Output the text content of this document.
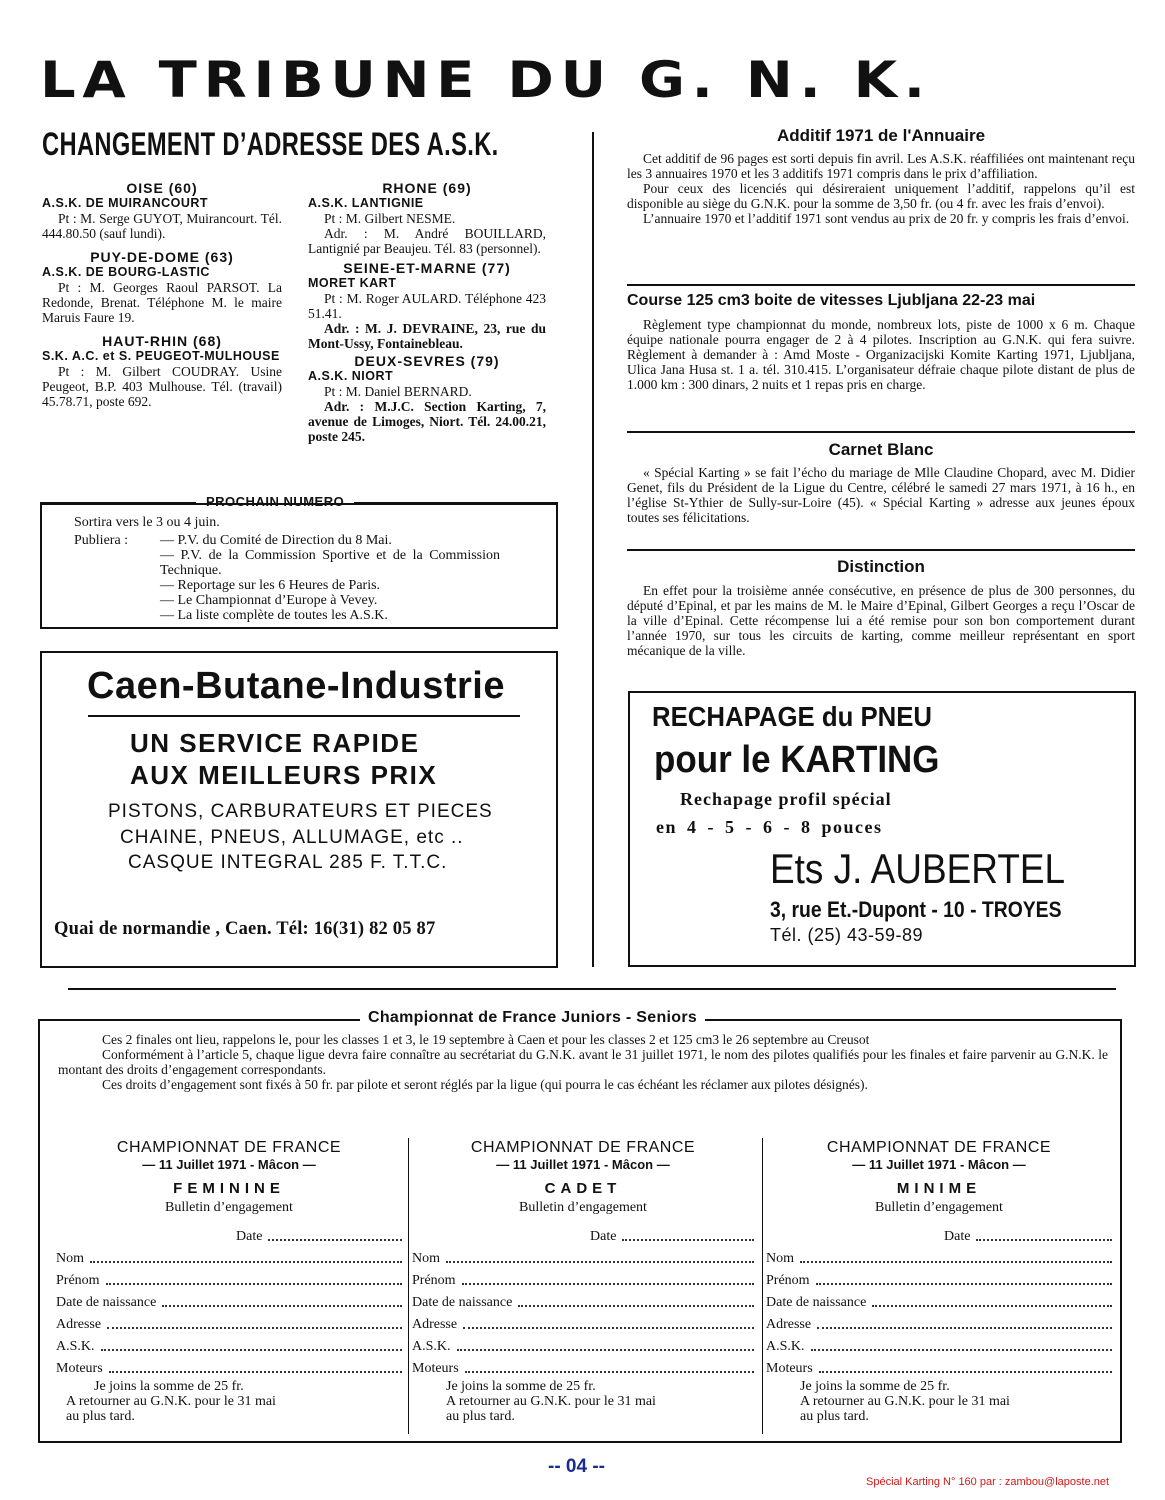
LA TRIBUNE DU G. N. K.
CHANGEMENT D’ADRESSE DES A.S.K.
OISE (60)
A.S.K. DE MUIRANCOURT
Pt : M. Serge GUYOT, Muirancourt. Tél. 444.80.50 (sauf lundi).
PUY-DE-DOME (63)
A.S.K. DE BOURG-LASTIC
Pt : M. Georges Raoul PARSOT. La Redonde, Brenat. Téléphone M. le maire Maruis Faure 19.
HAUT-RHIN (68)
S.K. A.C. et S. PEUGEOT-MULHOUSE
Pt : M. Gilbert COUDRAY. Usine Peugeot, B.P. 403 Mulhouse. Tél. (travail) 45.78.71, poste 692.
RHONE (69)
A.S.K. LANTIGNIE
Pt : M. Gilbert NESME.
Adr. : M. André BOUILLARD, Lantignié par Beaujeu. Tél. 83 (personnel).
SEINE-ET-MARNE (77)
MORET KART
Pt : M. Roger AULARD. Téléphone 423 51.41.
Adr. : M. J. DEVRAINE, 23, rue du Mont-Ussy, Fontainebleau.
DEUX-SEVRES (79)
A.S.K. NIORT
Pt : M. Daniel BERNARD.
Adr. : M.J.C. Section Karting, 7, avenue de Limoges, Niort. Tél. 24.00.21, poste 245.
PROCHAIN NUMERO
Sortira vers le 3 ou 4 juin.
Publiera : — P.V. du Comité de Direction du 8 Mai.
— P.V. de la Commission Sportive et de la Commission Technique.
— Reportage sur les 6 Heures de Paris.
— Le Championnat d’Europe à Vevey.
— La liste complète de toutes les A.S.K.
Caen-Butane-Industrie
UN SERVICE RAPIDE
AUX MEILLEURS PRIX
PISTONS, CARBURATEURS ET PIECES
CHAINE, PNEUS, ALLUMAGE, etc ..
CASQUE INTEGRAL 285 F. T.T.C.
Quai de normandie , Caen. Tél: 16(31) 82 05 87
Additif 1971 de l'Annuaire
Cet additif de 96 pages est sorti depuis fin avril. Les A.S.K. réaffiliées ont maintenant reçu les 3 annuaires 1970 et les 3 additifs 1971 compris dans le prix d’affiliation.
Pour ceux des licenciés qui désireraient uniquement l’additif, rappelons qu’il est disponible au siège du G.N.K. pour la somme de 3,50 fr. (ou 4 fr. avec les frais d’envoi).
L’annuaire 1970 et l’additif 1971 sont vendus au prix de 20 fr. y compris les frais d’envoi.
Course 125 cm3 boite de vitesses Ljubljana 22-23 mai
Règlement type championnat du monde, nombreux lots, piste de 1000 x 6 m. Chaque équipe nationale pourra engager de 2 à 4 pilotes. Inscription au G.N.K. qui fera suivre. Règlement à demander à : Amd Moste - Organizacijski Komite Karting 1971, Ljubljana, Ulica Jana Husa st. 1 a. tél. 310.415. L’organisateur défraie chaque pilote distant de plus de 1.000 km : 300 dinars, 2 nuits et 1 repas pris en charge.
Carnet Blanc
« Spécial Karting » se fait l’écho du mariage de Mlle Claudine Chopard, avec M. Didier Genet, fils du Président de la Ligue du Centre, célébré le samedi 27 mars 1971, à 16 h., en l’église St-Ythier de Sully-sur-Loire (45). « Spécial Karting » adresse aux jeunes époux toutes ses félicitations.
Distinction
En effet pour la troisième année consécutive, en présence de plus de 300 personnes, du député d’Epinal, et par les mains de M. le Maire d’Epinal, Gilbert Georges a reçu l’Oscar de la ville d’Epinal. Cette récompense lui a été remise pour son bon comportement durant l’année 1970, sur tous les circuits de karting, comme meilleur représentant en sport mécanique de la ville.
RECHAPAGE du PNEU
pour le KARTING
Rechapage profil spécial
en 4 - 5 - 6 - 8 pouces
Ets J. AUBERTEL
3, rue Et.-Dupont - 10 - TROYES
Tél. (25) 43-59-89
Championnat de France Juniors - Seniors
Ces 2 finales ont lieu, rappelons le, pour les classes 1 et 3, le 19 septembre à Caen et pour les classes 2 et 125 cm3 le 26 septembre au Creusot
Conformément à l’article 5, chaque ligue devra faire connaître au secrétariat du G.N.K. avant le 31 juillet 1971, le nom des pilotes qualifiés pour les finales et faire parvenir au G.N.K. le montant des droits d’engagement correspondants.
Ces droits d’engagement sont fixés à 50 fr. par pilote et seront réglés par la ligue (qui pourra le cas échéant les réclamer aux pilotes désignés).
CHAMPIONNAT DE FRANCE
— 11 Juillet 1971 - Mâcon —
FEMININE
Bulletin d’engagement
Date
Nom
Prénom
Date de naissance
Adresse
A.S.K.
Moteurs
Je joins la somme de 25 fr.
A retourner au G.N.K. pour le 31 mai
au plus tard.
CHAMPIONNAT DE FRANCE
— 11 Juillet 1971 - Mâcon —
CADET
Bulletin d’engagement
Date
Nom
Prénom
Date de naissance
Adresse
A.S.K.
Moteurs
Je joins la somme de 25 fr.
A retourner au G.N.K. pour le 31 mai
au plus tard.
CHAMPIONNAT DE FRANCE
— 11 Juillet 1971 - Mâcon —
MINIME
Bulletin d’engagement
Date
Nom
Prénom
Date de naissance
Adresse
A.S.K.
Moteurs
Je joins la somme de 25 fr.
A retourner au G.N.K. pour le 31 mai
au plus tard.
-- 04 --
Spécial Karting N° 160 par : zambou@laposte.net
